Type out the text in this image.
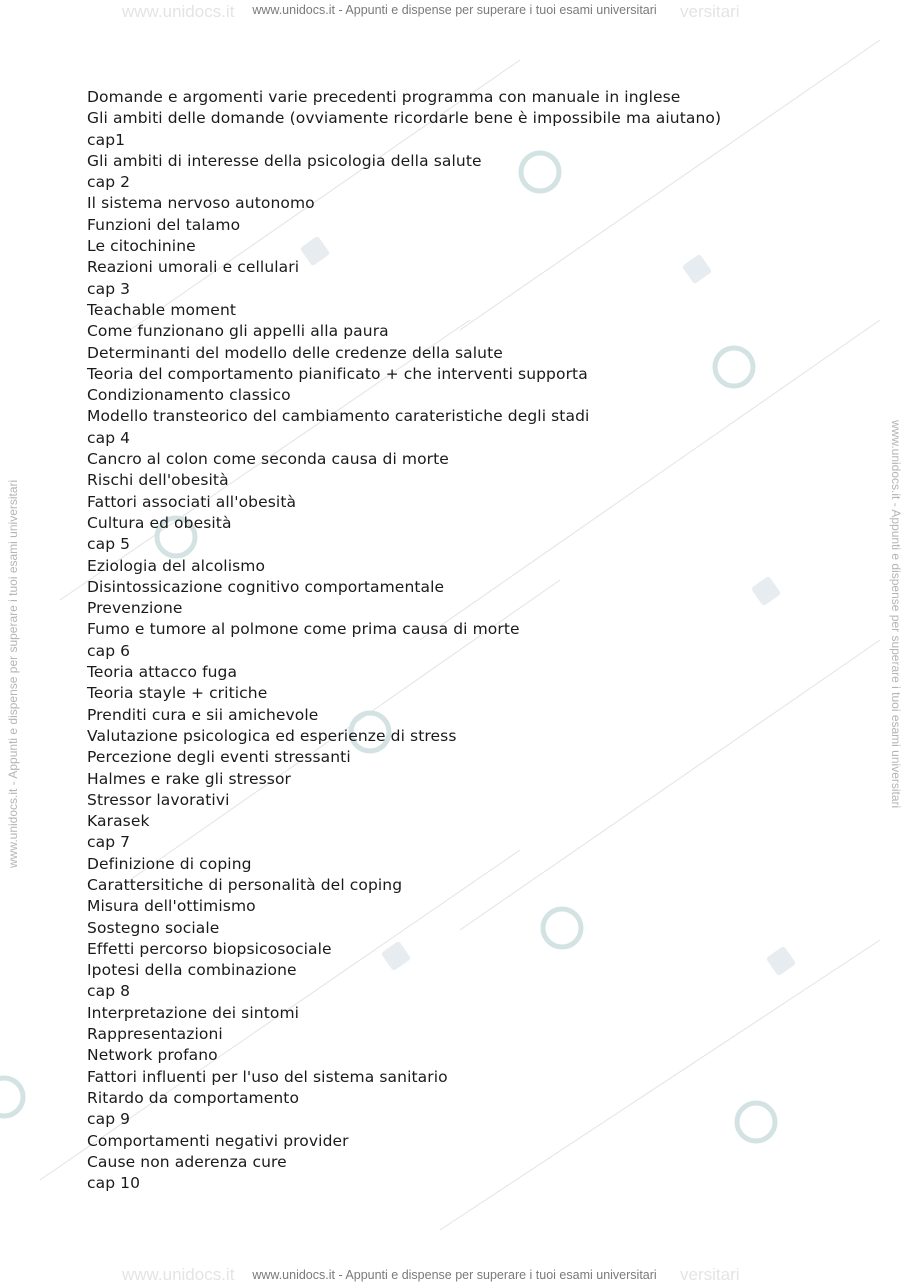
www.unidocs.it	versitari
www.unidocs.it	versitari
www.unidocs.it - Appunti e dispense per superare i tuoi esami universitari
www.unidocs.it - Appunti e dispense per superare i tuoi esami universitari
www.unidocs.it - Appunti e dispense per superare i tuoi esami universitari	www.unidocs.it - Appunti e dispense per superare i tuoi esami universitari
Domande e argomenti varie precedenti programma con manuale in inglese
Gli ambiti delle domande (ovviamente ricordarle bene è impossibile ma aiutano)
cap1
Gli ambiti di interesse della psicologia della salute
cap 2
Il sistema nervoso autonomo
Funzioni del talamo
Le citochinine
Reazioni umorali e cellulari
cap 3
Teachable moment
Come funzionano gli appelli alla paura
Determinanti del modello delle credenze della salute
Teoria del comportamento pianificato + che interventi supporta
Condizionamento classico
Modello transteorico del cambiamento carateristiche degli stadi
cap 4
Cancro al colon come seconda causa di morte
Rischi dell'obesità
Fattori associati all'obesità
Cultura ed obesità
cap 5
Eziologia del alcolismo
Disintossicazione cognitivo comportamentale
Prevenzione
Fumo e tumore al polmone come prima causa di morte
cap 6
Teoria attacco fuga
Teoria stayle + critiche
Prenditi cura e sii amichevole
Valutazione psicologica ed esperienze di stress
Percezione degli eventi stressanti
Halmes e rake gli stressor
Stressor lavorativi
Karasek
cap 7
Definizione di coping
Carattersitiche di personalità del coping
Misura dell'ottimismo
Sostegno sociale
Effetti percorso biopsicosociale
Ipotesi della combinazione
cap 8
Interpretazione dei sintomi
Rappresentazioni
Network profano
Fattori influenti per l'uso del sistema sanitario
Ritardo da comportamento
cap 9
Comportamenti negativi provider
Cause non aderenza cure
cap 10
